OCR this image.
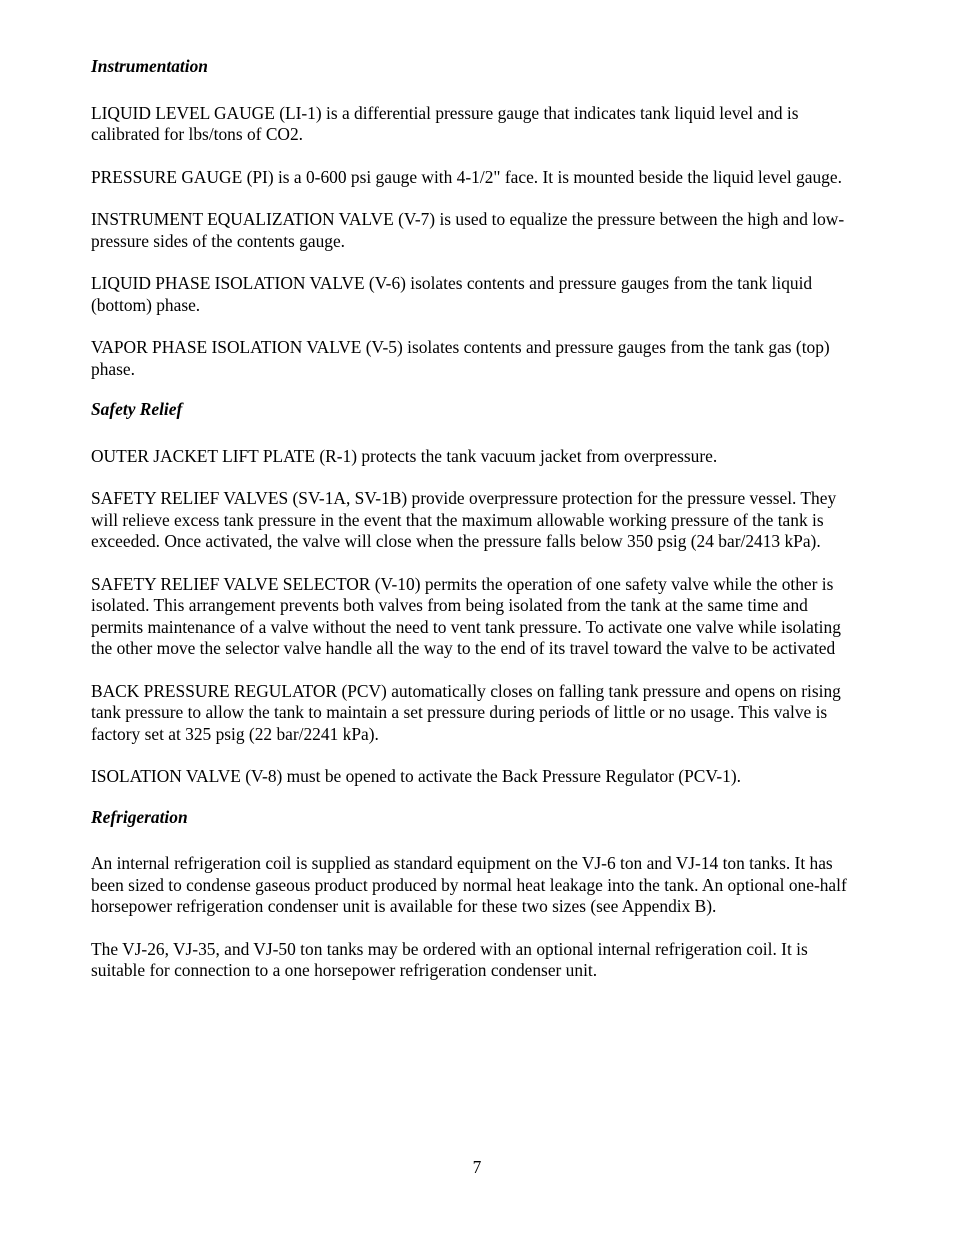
Instrumentation

LIQUID LEVEL GAUGE (LI-1) is a differential pressure gauge that indicates tank liquid level and is calibrated for lbs/tons of CO2.

PRESSURE GAUGE (PI) is a 0-600 psi gauge with 4-1/2" face. It is mounted beside the liquid level gauge.

INSTRUMENT EQUALIZATION VALVE (V-7) is used to equalize the pressure between the high and low-pressure sides of the contents gauge.

LIQUID PHASE ISOLATION VALVE (V-6) isolates contents and pressure gauges from the tank liquid (bottom) phase.

VAPOR PHASE ISOLATION VALVE (V-5) isolates contents and pressure gauges from the tank gas (top) phase.

Safety Relief

OUTER JACKET LIFT PLATE (R-1) protects the tank vacuum jacket from overpressure.

SAFETY RELIEF VALVES (SV-1A, SV-1B) provide overpressure protection for the pressure vessel. They will relieve excess tank pressure in the event that the maximum allowable working pressure of the tank is exceeded. Once activated, the valve will close when the pressure falls below 350 psig (24 bar/2413 kPa).

SAFETY RELIEF VALVE SELECTOR (V-10) permits the operation of one safety valve while the other is isolated. This arrangement prevents both valves from being isolated from the tank at the same time and permits maintenance of a valve without the need to vent tank pressure. To activate one valve while isolating the other move the selector valve handle all the way to the end of its travel toward the valve to be activated

BACK PRESSURE REGULATOR (PCV) automatically closes on falling tank pressure and opens on rising tank pressure to allow the tank to maintain a set pressure during periods of little or no usage. This valve is factory set at 325 psig (22 bar/2241 kPa).

ISOLATION VALVE (V-8) must be opened to activate the Back Pressure Regulator (PCV-1).

Refrigeration

An internal refrigeration coil is supplied as standard equipment on the VJ-6 ton and VJ-14 ton tanks. It has been sized to condense gaseous product produced by normal heat leakage into the tank. An optional one-half horsepower refrigeration condenser unit is available for these two sizes (see Appendix B).

The VJ-26, VJ-35, and VJ-50 ton tanks may be ordered with an optional internal refrigeration coil. It is suitable for connection to a one horsepower refrigeration condenser unit.

7
